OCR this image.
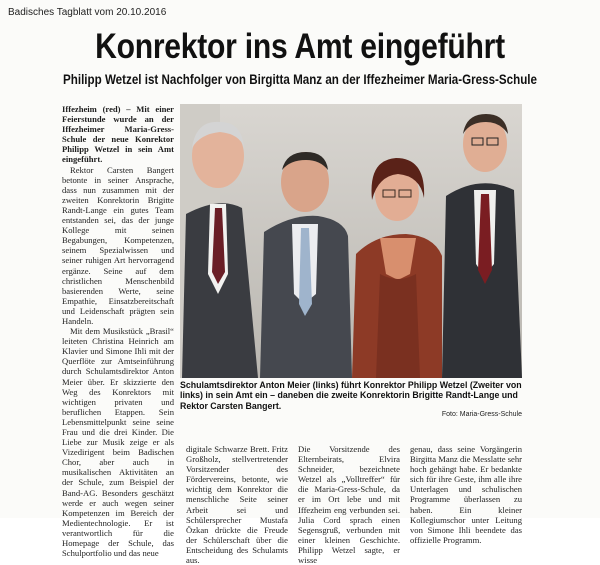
Badisches Tagblatt vom 20.10.2016
Konrektor ins Amt eingeführt
Philipp Wetzel ist Nachfolger von Birgitta Manz an der Iffezheimer Maria-Gress-Schule

Iffezheim (red) – Mit einer Feierstunde wurde an der Iffezheimer Maria-Gress-Schule der neue Konrektor Philipp Wetzel in sein Amt eingeführt.

Rektor Carsten Bangert betonte in seiner Ansprache, dass nun zusammen mit der zweiten Konrektorin Brigitte Randt-Lange ein gutes Team entstanden sei, das der junge Kollege mit seinen Begabungen, Kompetenzen, seinem Spezialwissen und seiner ruhigen Art hervorragend ergänze. Seine auf dem christlichen Menschenbild basierenden Werte, seine Empathie, Einsatzbereitschaft und Leidenschaft prägten sein Handeln.

Mit dem Musikstück „Brasil“ leiteten Christina Heinrich am Klavier und Simone Ihli mit der Querflöte zur Amtseinführung durch Schulamtsdirektor Anton Meier über. Er skizzierte den Weg des Konrektors mit wichtigen privaten und beruflichen Etappen. Sein Lebensmittelpunkt seine seine Frau und die drei Kinder. Die Liebe zur Musik zeige er als Vizedirigent beim Badischen Chor, aber auch in musikalischen Aktivitäten an der Schule, zum Beispiel der Band-AG. Besonders geschätzt werde er auch wegen seiner Kompetenzen im Bereich der Medientechnologie. Er ist verantwortlich für die Homepage der Schule, das Schulportfolio und das neue

Schulamtsdirektor Anton Meier (links) führt Konrektor Philipp Wetzel (Zweiter von links) in sein Amt ein – daneben die zweite Konrektorin Brigitte Randt-Lange und Rektor Carsten Bangert.
Foto: Maria-Gress-Schule

digitale Schwarze Brett. Fritz Großholz, stellvertretender Vorsitzender des Fördervereins, betonte, wie wichtig dem Konrektor die menschliche Seite seiner Arbeit sei und Schülersprecher Mustafa Özkan drückte die Freude der Schülerschaft über die Entscheidung des Schulamts aus.

Die Vorsitzende des Elternbeirats, Elvira Schneider, bezeichnete Wetzel als „Volltreffer“ für die Maria-Gress-Schule, da er im Ort lebe und mit Iffezheim eng verbunden sei. Julia Cord sprach einen Segensgruß, verbunden mit einer kleinen Geschichte. Philipp Wetzel sagte, er wisse

genau, dass seine Vorgängerin Birgitta Manz die Messlatte sehr hoch gehängt habe. Er bedankte sich für ihre Geste, ihm alle ihre Unterlagen und schulischen Programme überlassen zu haben. Ein kleiner Kollegiumschor unter Leitung von Simone Ihli beendete das offizielle Programm.
